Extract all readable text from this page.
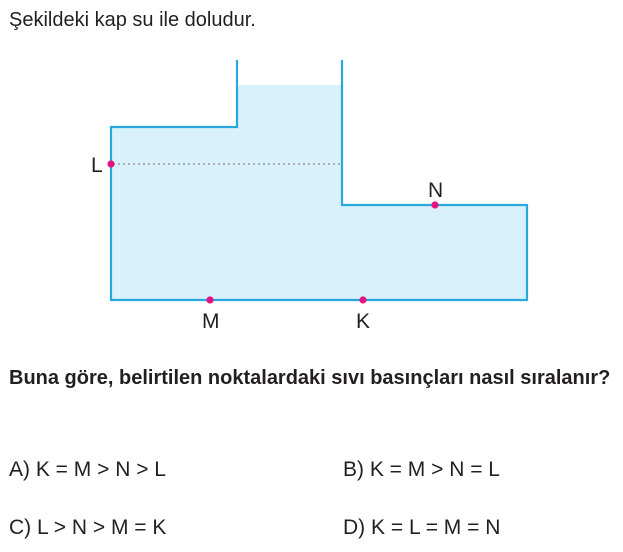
Şekildeki kap su ile doludur.
L
N
M	K
Buna göre, belirtilen noktalardaki sıvı basınçları nasıl sıralanır?
A) K = M > N > L	B) K = M > N = L
C) L > N > M = K	D) K = L = M = N
